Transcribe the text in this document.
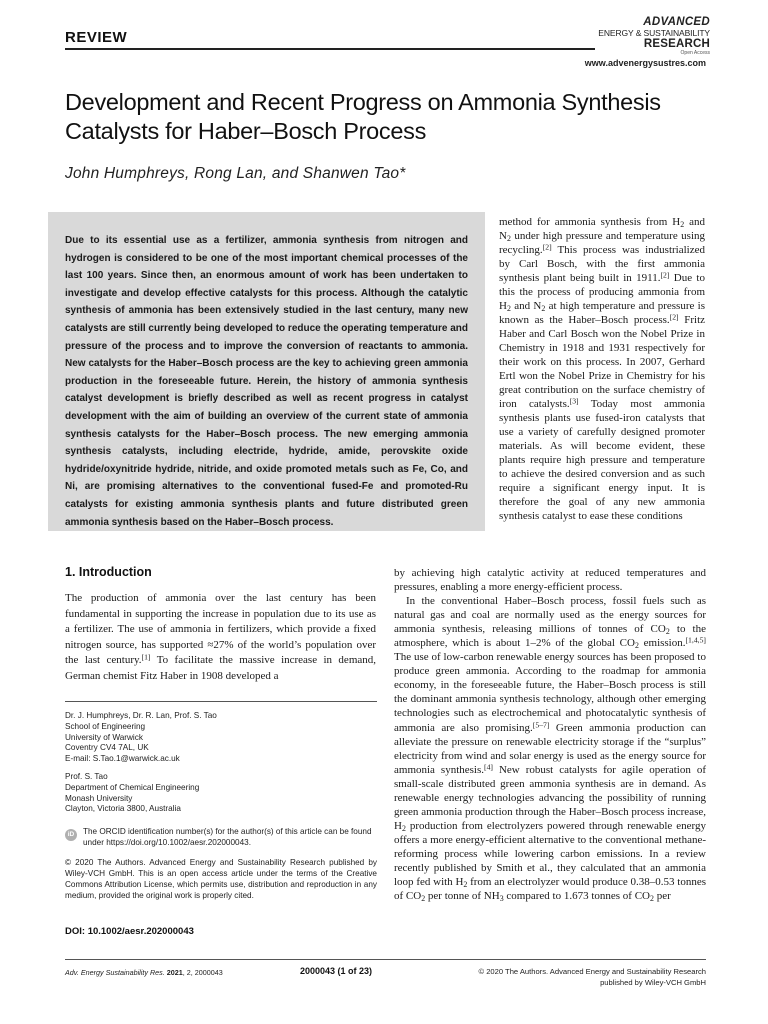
REVIEW
ADVANCED
ENERGY & SUSTAINABILITY
RESEARCH
Open Access
www.advenergysustres.com
Development and Recent Progress on Ammonia Synthesis Catalysts for Haber–Bosch Process
John Humphreys, Rong Lan, and Shanwen Tao*

Due to its essential use as a fertilizer, ammonia synthesis from nitrogen and hydrogen is considered to be one of the most important chemical processes of the last 100 years. Since then, an enormous amount of work has been undertaken to investigate and develop effective catalysts for this process. Although the catalytic synthesis of ammonia has been extensively studied in the last century, many new catalysts are still currently being developed to reduce the operating temperature and pressure of the process and to improve the conversion of reactants to ammonia. New catalysts for the Haber–Bosch process are the key to achieving green ammonia production in the foreseeable future. Herein, the history of ammonia synthesis catalyst development is briefly described as well as recent progress in catalyst development with the aim of building an overview of the current state of ammonia synthesis catalysts for the Haber–Bosch process. The new emerging ammonia synthesis catalysts, including electride, hydride, amide, perovskite oxide hydride/oxynitride hydride, nitride, and oxide promoted metals such as Fe, Co, and Ni, are promising alternatives to the conventional fused-Fe and promoted-Ru catalysts for existing ammonia synthesis plants and future distributed green ammonia synthesis based on the Haber–Bosch process.

method for ammonia synthesis from $H_2$ and $N_2$ under high pressure and temperature using recycling.[2] This process was industrialized by Carl Bosch, with the first ammonia synthesis plant being built in 1911.[2] Due to this the process of producing ammonia from $H_2$ and $N_2$ at high temperature and pressure is known as the Haber–Bosch process.[2] Fritz Haber and Carl Bosch won the Nobel Prize in Chemistry in 1918 and 1931 respectively for their work on this process. In 2007, Gerhard Ertl won the Nobel Prize in Chemistry for his great contribution on the surface chemistry of iron catalysts.[3] Today most ammonia synthesis plants use fused-iron catalysts that use a variety of carefully designed promoter materials. As will become evident, these plants require high pressure and temperature to achieve the desired conversion and as such require a significant energy input. It is therefore the goal of any new ammonia synthesis catalyst to ease these conditions
1. Introduction

The production of ammonia over the last century has been fundamental in supporting the increase in population due to its use as a fertilizer. The use of ammonia in fertilizers, which provide a fixed nitrogen source, has supported ≈27% of the world’s population over the last century.[1] To facilitate the massive increase in demand, German chemist Fitz Haber in 1908 developed a

by achieving high catalytic activity at reduced temperatures and pressures, enabling a more energy-efficient process.

In the conventional Haber–Bosch process, fossil fuels such as natural gas and coal are normally used as the energy sources for ammonia synthesis, releasing millions of tonnes of $CO_2$ to the atmosphere, which is about 1–2% of the global $CO_2$ emission.[1,4,5] The use of low-carbon renewable energy sources has been proposed to produce green ammonia. According to the roadmap for ammonia economy, in the foreseeable future, the Haber–Bosch process is still the dominant ammonia synthesis technology, although other emerging technologies such as electrochemical and photocatalytic synthesis of ammonia are also promising.[5–7] Green ammonia production can alleviate the pressure on renewable electricity storage if the “surplus” electricity from wind and solar energy is used as the energy source for ammonia synthesis.[4] New robust catalysts for agile operation of small-scale distributed green ammonia synthesis are in demand. As renewable energy technologies advancing the possibility of running green ammonia production through the Haber–Bosch process increase, $H_2$ production from electrolyzers powered through renewable energy offers a more energy-efficient alternative to the conventional methane-reforming process while lowering carbon emissions. In a review recently published by Smith et al., they calculated that an ammonia loop fed with $H_2$ from an electrolyzer would produce 0.38–0.53 tonnes of $CO_2$ per tonne of $NH_3$ compared to 1.673 tonnes of $CO_2$ per

Dr. J. Humphreys, Dr. R. Lan, Prof. S. Tao
School of Engineering
University of Warwick
Coventry CV4 7AL, UK
E-mail: S.Tao.1@warwick.ac.uk
Prof. S. Tao
Department of Chemical Engineering
Monash University
Clayton, Victoria 3800, Australia
iD	The ORCID identification number(s) for the author(s) of this article can be found under https://doi.org/10.1002/aesr.202000043.
© 2020 The Authors. Advanced Energy and Sustainability Research published by Wiley-VCH GmbH. This is an open access article under the terms of the Creative Commons Attribution License, which permits use, distribution and reproduction in any medium, provided the original work is properly cited.
DOI: 10.1002/aesr.202000043
Adv. Energy Sustainability Res. 2021, 2, 2000043	2000043 (1 of 23)	© 2020 The Authors. Advanced Energy and Sustainability Research
published by Wiley-VCH GmbH
